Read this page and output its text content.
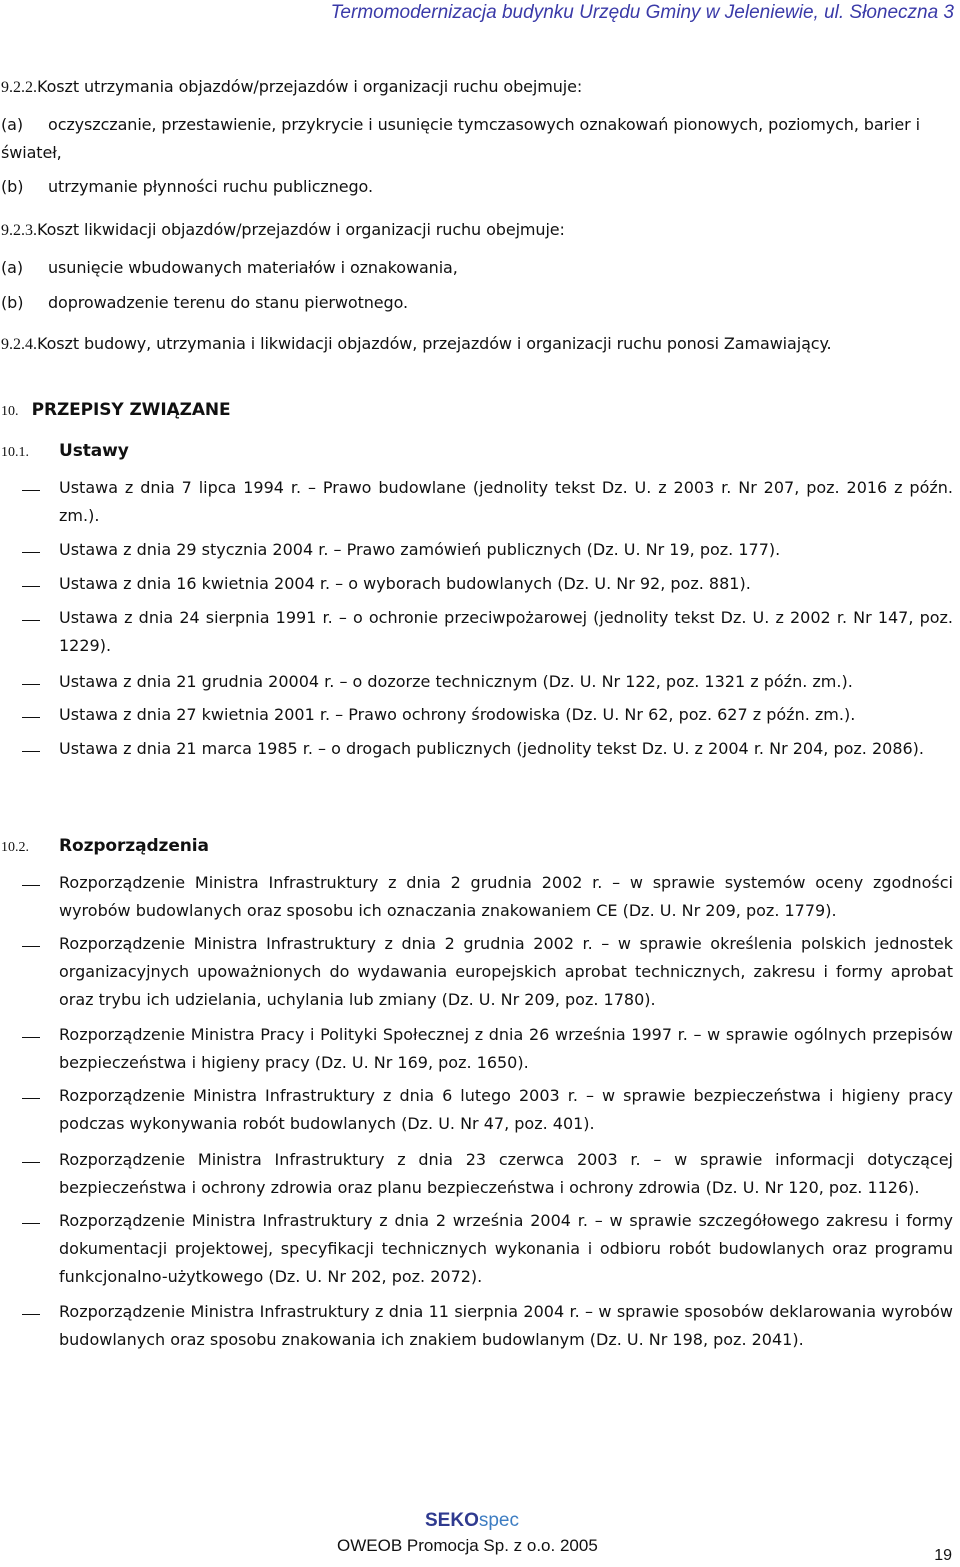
Termomodernizacja budynku Urzędu Gminy w Jeleniewie, ul. Słoneczna 3
9.2.2.Koszt utrzymania objazdów/przejazdów i organizacji ruchu obejmuje:
(a) oczyszczanie, przestawienie, przykrycie i usunięcie tymczasowych oznakowań pionowych, poziomych, barier i
świateł,
(b) utrzymanie płynności ruchu publicznego.
9.2.3.Koszt likwidacji objazdów/przejazdów i organizacji ruchu obejmuje:
(a) usunięcie wbudowanych materiałów i oznakowania,
(b) doprowadzenie terenu do stanu pierwotnego.
9.2.4.Koszt budowy, utrzymania i likwidacji objazdów, przejazdów i organizacji ruchu ponosi Zamawiający.
10. PRZEPISY ZWIĄZANE
10.1. Ustawy
Ustawa z dnia 7 lipca 1994 r. – Prawo budowlane (jednolity tekst Dz. U. z 2003 r. Nr 207, poz. 2016 z późn. zm.).
Ustawa z dnia 29 stycznia 2004 r. – Prawo zamówień publicznych (Dz. U. Nr 19, poz. 177).
Ustawa z dnia 16 kwietnia 2004 r. – o wyborach budowlanych (Dz. U. Nr 92, poz. 881).
Ustawa z dnia 24 sierpnia 1991 r. – o ochronie przeciwpożarowej (jednolity tekst Dz. U. z 2002 r. Nr 147, poz. 1229).
Ustawa z dnia 21 grudnia 20004 r. – o dozorze technicznym (Dz. U. Nr 122, poz. 1321 z późn. zm.).
Ustawa z dnia 27 kwietnia 2001 r. – Prawo ochrony środowiska (Dz. U. Nr 62, poz. 627 z późn. zm.).
Ustawa z dnia 21 marca 1985 r. – o drogach publicznych (jednolity tekst Dz. U. z 2004 r. Nr 204, poz. 2086).
10.2. Rozporządzenia
Rozporządzenie Ministra Infrastruktury z dnia 2 grudnia 2002 r. – w sprawie systemów oceny zgodności wyrobów budowlanych oraz sposobu ich oznaczania znakowaniem CE (Dz. U. Nr 209, poz. 1779).
Rozporządzenie Ministra Infrastruktury z dnia 2 grudnia 2002 r. – w sprawie określenia polskich jednostek organizacyjnych upoważnionych do wydawania europejskich aprobat technicznych, zakresu i formy aprobat oraz trybu ich udzielania, uchylania lub zmiany (Dz. U. Nr 209, poz. 1780).
Rozporządzenie Ministra Pracy i Polityki Społecznej z dnia 26 września 1997 r. – w sprawie ogólnych przepisów bezpieczeństwa i higieny pracy (Dz. U. Nr 169, poz. 1650).
Rozporządzenie Ministra Infrastruktury z dnia 6 lutego 2003 r. – w sprawie bezpieczeństwa i higieny pracy podczas wykonywania robót budowlanych (Dz. U. Nr 47, poz. 401).
Rozporządzenie Ministra Infrastruktury z dnia 23 czerwca 2003 r. – w sprawie informacji dotyczącej bezpieczeństwa i ochrony zdrowia oraz planu bezpieczeństwa i ochrony zdrowia (Dz. U. Nr 120, poz. 1126).
Rozporządzenie Ministra Infrastruktury z dnia 2 września 2004 r. – w sprawie szczegółowego zakresu i formy dokumentacji projektowej, specyfikacji technicznych wykonania i odbioru robót budowlanych oraz programu funkcjonalno-użytkowego (Dz. U. Nr 202, poz. 2072).
Rozporządzenie Ministra Infrastruktury z dnia 11 sierpnia 2004 r. – w sprawie sposobów deklarowania wyrobów budowlanych oraz sposobu znakowania ich znakiem budowlanym (Dz. U. Nr 198, poz. 2041).
SEKOspec
OWEOB Promocja Sp. z o.o. 2005
19
